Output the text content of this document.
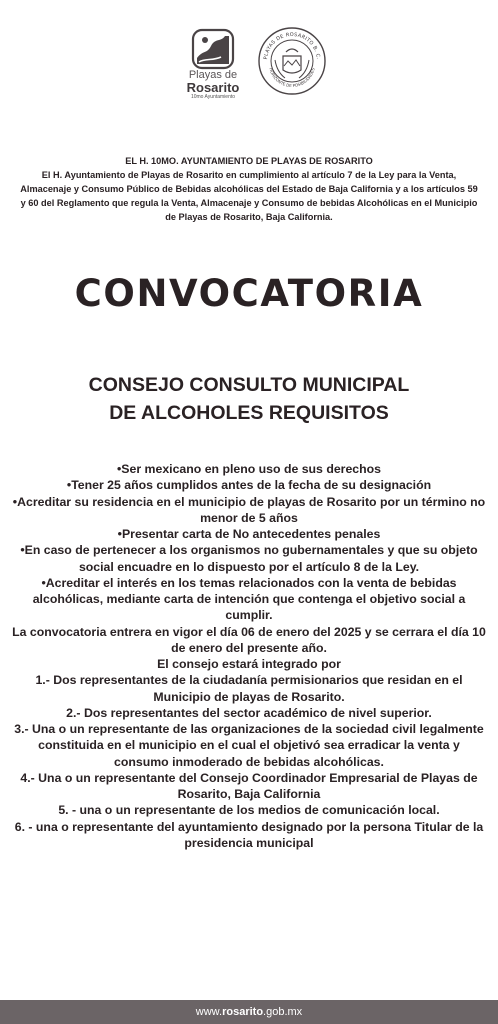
Playas de
Rosarito
10mo Ayuntamiento
PLAYAS DE ROSARITO B. C.
HORIZONTE DE POSIBILIDADES
EL H. 10MO. AYUNTAMIENTO DE PLAYAS DE ROSARITO
El H. Ayuntamiento de Playas de Rosarito en cumplimiento al artículo 7 de la Ley para la Venta, Almacenaje y Consumo Público de Bebidas alcohólicas del Estado de Baja California y a los artículos 59 y 60 del Reglamento que regula la Venta, Almacenaje y Consumo de bebidas Alcohólicas en el Municipio de Playas de Rosarito, Baja California.
CONVOCATORIA
CONSEJO CONSULTO MUNICIPAL
DE ALCOHOLES REQUISITOS

•Ser mexicano en pleno uso de sus derechos

•Tener 25 años cumplidos antes de la fecha de su designación

•Acreditar su residencia en el municipio de playas de Rosarito por un término no menor de 5 años

•Presentar carta de No antecedentes penales

•En caso de pertenecer a los organismos no gubernamentales y que su objeto social encuadre en lo dispuesto por el artículo 8 de la Ley.

•Acreditar el interés en los temas relacionados con la venta de bebidas alcohólicas, mediante carta de intención que contenga el objetivo social a cumplir.

La convocatoria entrera en vigor el día 06 de enero del 2025 y se cerrara el día 10 de enero del presente año.

El consejo estará integrado por

1.- Dos representantes de la ciudadanía permisionarios que residan en el Municipio de playas de Rosarito.

2.- Dos representantes del sector académico de nivel superior.

3.- Una o un representante de las organizaciones de la sociedad civil legalmente constituida en el municipio en el cual el objetivó sea erradicar la venta y consumo inmoderado de bebidas alcohólicas.

4.- Una o un representante del Consejo Coordinador Empresarial de Playas de Rosarito, Baja California

5. - una o un representante de los medios de comunicación local.

6. - una o representante del ayuntamiento designado por la persona Titular de la presidencia municipal

www.rosarito.gob.mx
